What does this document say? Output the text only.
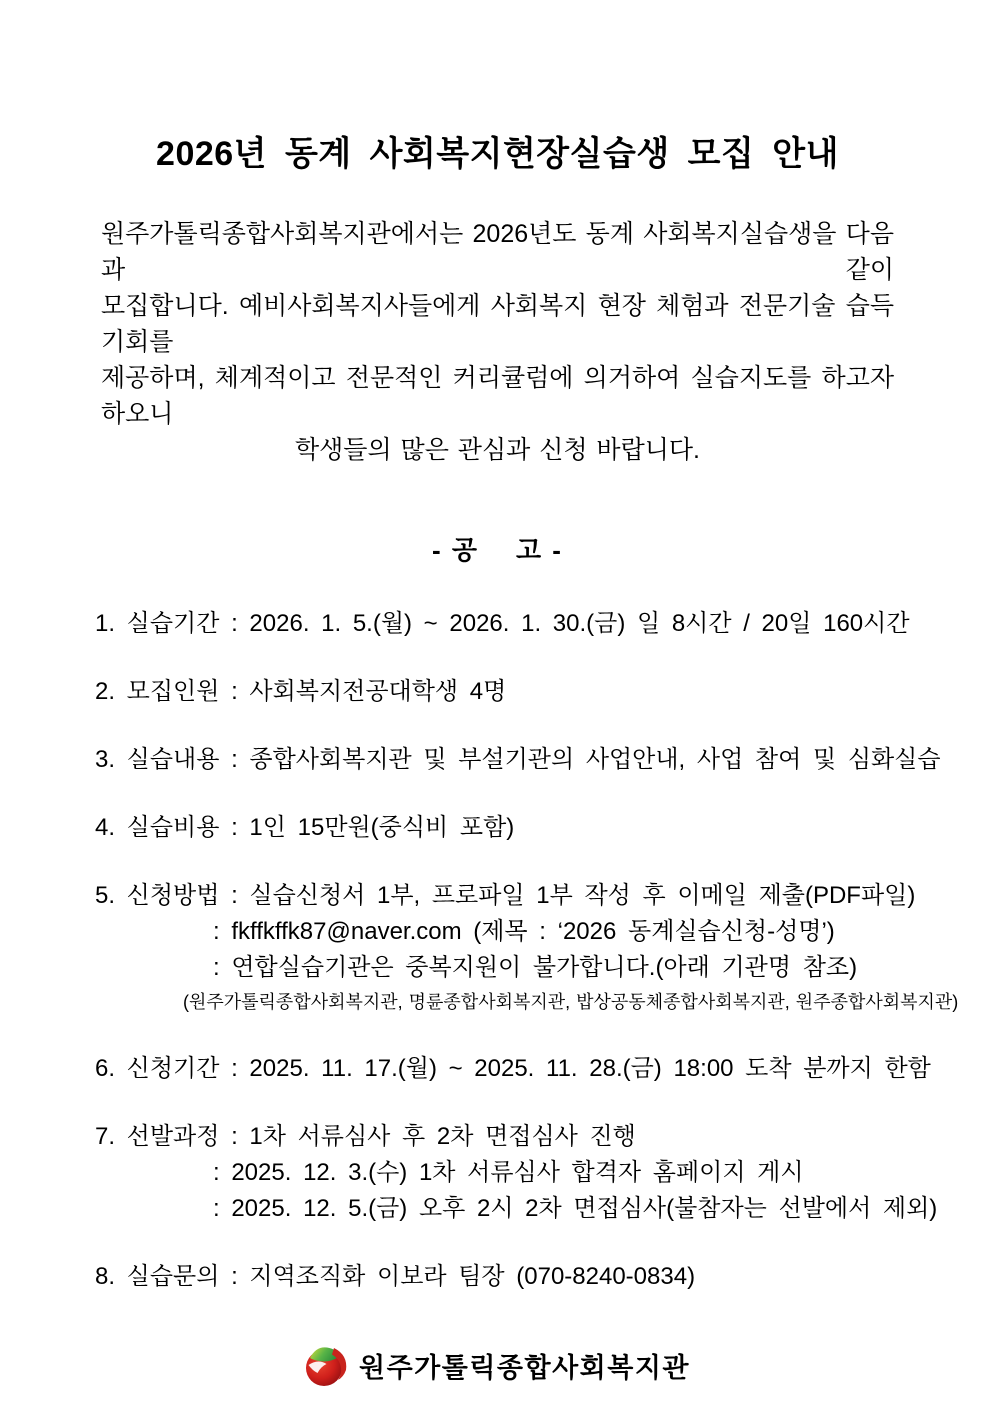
2026년 동계 사회복지현장실습생 모집 안내
원주가톨릭종합사회복지관에서는 2026년도 동계 사회복지실습생을 다음과 같이
모집합니다. 예비사회복지사들에게 사회복지 현장 체험과 전문기술 습득 기회를
제공하며, 체계적이고 전문적인 커리큘럼에 의거하여 실습지도를 하고자 하오니
학생들의 많은 관심과 신청 바랍니다.
- 공    고 -
1. 실습기간 : 2026. 1. 5.(월) ~ 2026. 1. 30.(금) 일 8시간 / 20일 160시간
2. 모집인원 : 사회복지전공대학생 4명
3. 실습내용 : 종합사회복지관 및 부설기관의 사업안내, 사업 참여 및 심화실습
4. 실습비용 : 1인 15만원(중식비 포함)
5. 신청방법 : 실습신청서 1부, 프로파일 1부 작성 후 이메일 제출(PDF파일)
: fkffkffk87@naver.com (제목 : ‘2026 동계실습신청-성명’)
: 연합실습기관은 중복지원이 불가합니다.(아래 기관명 참조)
(원주가톨릭종합사회복지관, 명륜종합사회복지관, 밥상공동체종합사회복지관, 원주종합사회복지관)
6. 신청기간 : 2025. 11. 17.(월) ~ 2025. 11. 28.(금) 18:00 도착 분까지 한함
7. 선발과정 : 1차 서류심사 후 2차 면접심사 진행
: 2025. 12. 3.(수) 1차 서류심사 합격자 홈페이지 게시
: 2025. 12. 5.(금) 오후 2시 2차 면접심사(불참자는 선발에서 제외)
8. 실습문의 : 지역조직화 이보라 팀장 (070-8240-0834)
원주가톨릭종합사회복지관
